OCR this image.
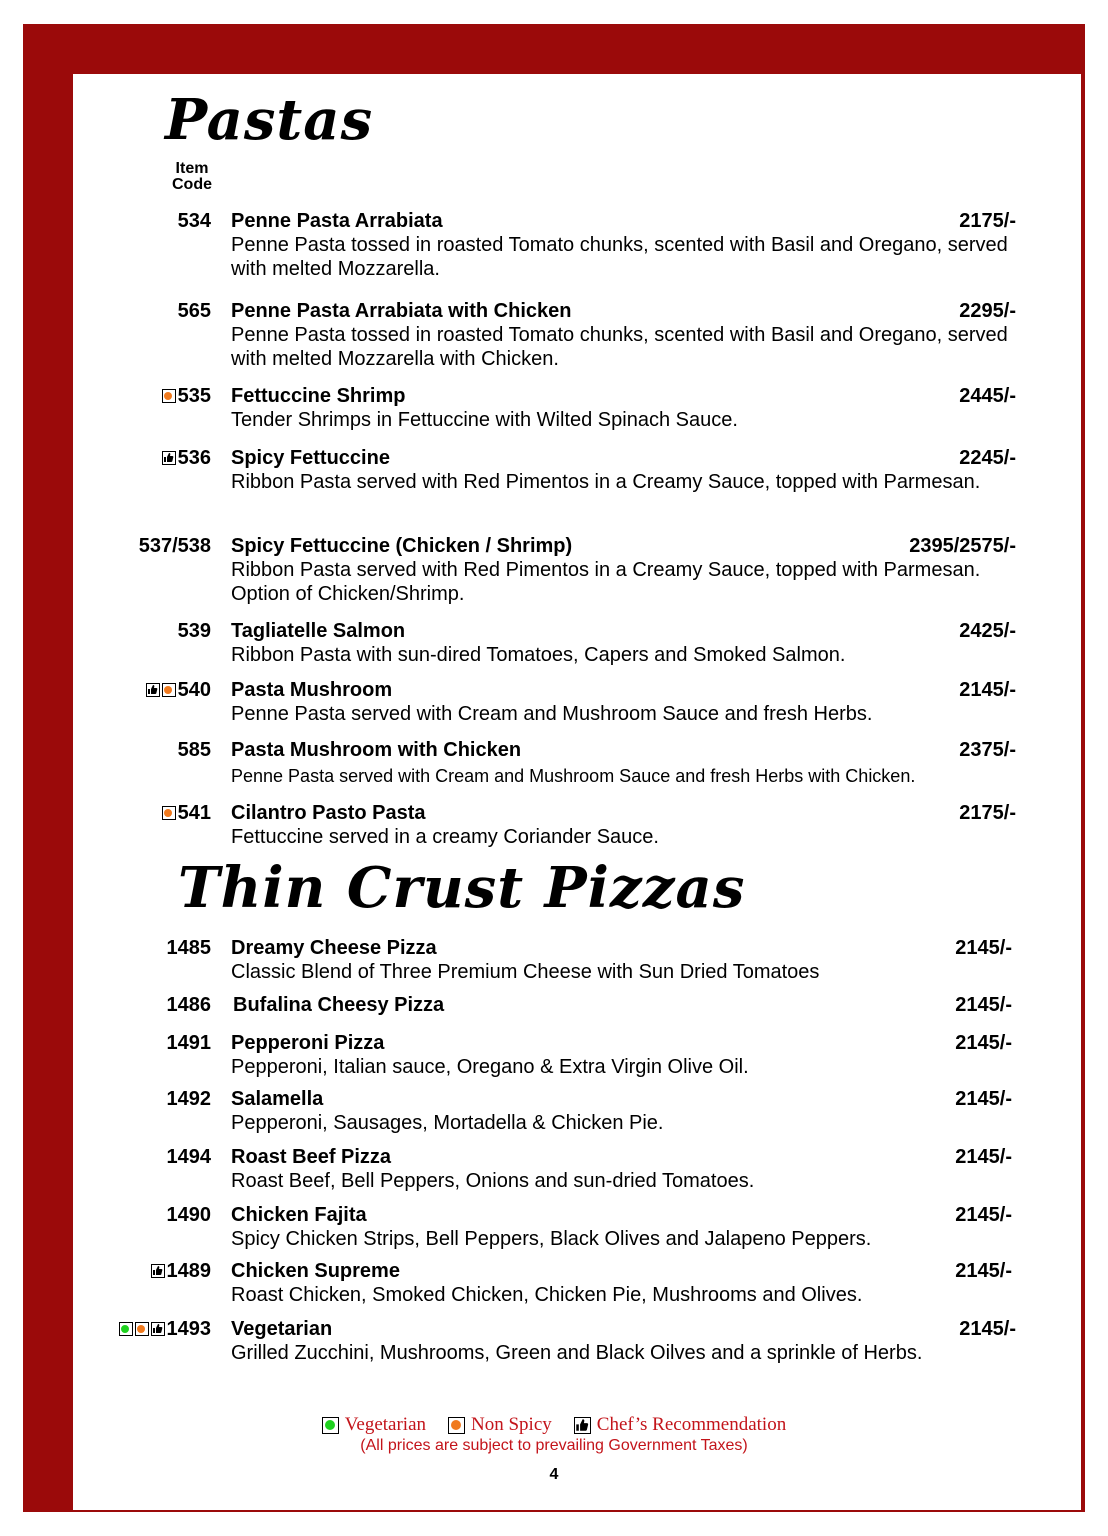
Pastas
Item
Code
534 Penne Pasta Arrabiata	2175/-
Penne Pasta tossed in roasted Tomato chunks, scented with Basil and Oregano, served with melted Mozzarella.
565 Penne Pasta Arrabiata with Chicken	2295/-
Penne Pasta tossed in roasted Tomato chunks, scented with Basil and Oregano, served with melted Mozzarella with Chicken.
535 Fettuccine Shrimp	2445/-
Tender Shrimps in Fettuccine with Wilted Spinach Sauce.
536 Spicy Fettuccine	2245/-
Ribbon Pasta served with Red Pimentos in a Creamy Sauce, topped with Parmesan.
537/538 Spicy Fettuccine (Chicken / Shrimp)	2395/2575/-
Ribbon Pasta served with Red Pimentos in a Creamy Sauce, topped with Parmesan. Option of Chicken/Shrimp.
539 Tagliatelle Salmon	2425/-
Ribbon Pasta with sun-dired Tomatoes, Capers and Smoked Salmon.
540 Pasta Mushroom	2145/-
Penne Pasta served with Cream and Mushroom Sauce and fresh Herbs.
585 Pasta Mushroom with Chicken	2375/-
Penne Pasta served with Cream and Mushroom Sauce and fresh Herbs with Chicken.
541 Cilantro Pasto Pasta	2175/-
Fettuccine served in a creamy Coriander Sauce.
Thin Crust Pizzas
1485 Dreamy Cheese Pizza	2145/-
Classic Blend of Three Premium Cheese with Sun Dried Tomatoes
1486 Bufalina Cheesy Pizza	2145/-
1491 Pepperoni Pizza	2145/-
Pepperoni, Italian sauce, Oregano & Extra Virgin Olive Oil.
1492 Salamella	2145/-
Pepperoni, Sausages, Mortadella & Chicken Pie.
1494 Roast Beef Pizza	2145/-
Roast Beef, Bell Peppers, Onions and sun-dried Tomatoes.
1490 Chicken Fajita	2145/-
Spicy Chicken Strips, Bell Peppers, Black Olives and Jalapeno Peppers.
1489 Chicken Supreme	2145/-
Roast Chicken, Smoked Chicken, Chicken Pie, Mushrooms and Olives.
1493 Vegetarian	2145/-
Grilled Zucchini, Mushrooms, Green and Black Oilves and a sprinkle of Herbs.
Vegetarian Non Spicy Chef’s Recommendation
(All prices are subject to prevailing Government Taxes)
4
